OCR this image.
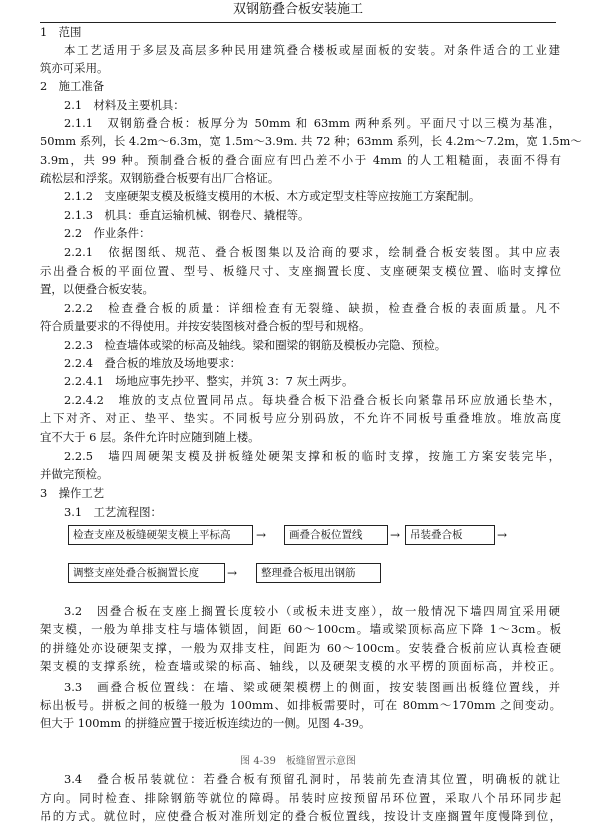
双钢筋叠合板安装施工
1　范围
本工艺适用于多层及高层多种民用建筑叠合楼板或屋面板的安装。对条件适合的工业建
筑亦可采用。
2　施工准备
2.1　材料及主要机具：
2.1.1　双钢筋叠合板：板厚分为 50mm 和 63mm 两种系列。平面尺寸以三模为基准，
50mm 系列，长 4.2m～6.3m，宽 1.5m～3.9m. 共 72 种；63mm 系列，长 4.2m～7.2m，宽 1.5m～
3.9m，共 99 种。预制叠合板的叠合面应有凹凸差不小于 4mm 的人工粗糙面，表面不得有
疏松层和浮浆。双钢筋叠合板要有出厂合格证。
2.1.2　支座硬架支模及板缝支模用的木板、木方或定型支柱等应按施工方案配制。
2.1.3　机具：垂直运输机械、钢卷尺、撬棍等。
2.2　作业条件：
2.2.1　依据图纸、规范、叠合板图集以及洽商的要求，绘制叠合板安装图。其中应表
示出叠合板的平面位置、型号、板缝尺寸、支座搁置长度、支座硬架支模位置、临时支撑位
置，以便叠合板安装。
2.2.2　检查叠合板的质量：详细检查有无裂缝、缺损，检查叠合板的表面质量。凡不
符合质量要求的不得使用。并按安装图核对叠合板的型号和规格。
2.2.3　检查墙体或梁的标高及轴线。梁和圈梁的钢筋及模板办完隐、预检。
2.2.4　叠合板的堆放及场地要求：
2.2.4.1　场地应事先抄平、整实，并筑 3：7 灰土两步。
2.2.4.2　堆放的支点位置同吊点。每块叠合板下沿叠合板长向紧靠吊环应放通长垫木，
上下对齐、对正、垫平、垫实。不同板号应分别码放，不允许不同板号重叠堆放。堆放高度
宜不大于 6 层。条件允许时应随到随上楼。
2.2.5　墙四周硬架支模及拼板缝处硬架支撑和板的临时支撑，按施工方案安装完毕，
并做完预检。
3　操作工艺
3.1　工艺流程图：
检查支座及板缝硬架支模上平标高	→	画叠合板位置线	→ 吊装叠合板	→
调整支座处叠合板搁置长度	→	整理叠合板甩出钢筋
3.2　因叠合板在支座上搁置长度较小（或板未进支座），故一般情况下墙四周宜采用硬
架支模，一般为单排支柱与墙体锁固，间距 60～100cm。墙或梁顶标高应下降 1～3cm。板
的拼缝处亦设硬架支撑，一般为双排支柱，间距为 60～100cm。安装叠合板前应认真检查硬
架支模的支撑系统，检查墙或梁的标高、轴线，以及硬架支模的水平楞的顶面标高，并校正。
3.3　画叠合板位置线：在墙、梁或硬架模楞上的侧面，按安装图画出板缝位置线，并
标出板号。拼板之间的板缝一般为 100mm、如排板需要时，可在 80mm～170mm 之间变动。
但大于 100mm 的拼缝应置于接近板连续边的一侧。见图 4-39。
图 4-39　板缝留置示意图
3.4　叠合板吊装就位：若叠合板有预留孔洞时，吊装前先查清其位置，明确板的就让
方向。同时检查、排除钢筋等就位的障碍。吊装时应按预留吊环位置，采取八个吊环同步起
吊的方式。就位时，应使叠合板对准所划定的叠合板位置线，按设计支座搁置年度慢降到位，
